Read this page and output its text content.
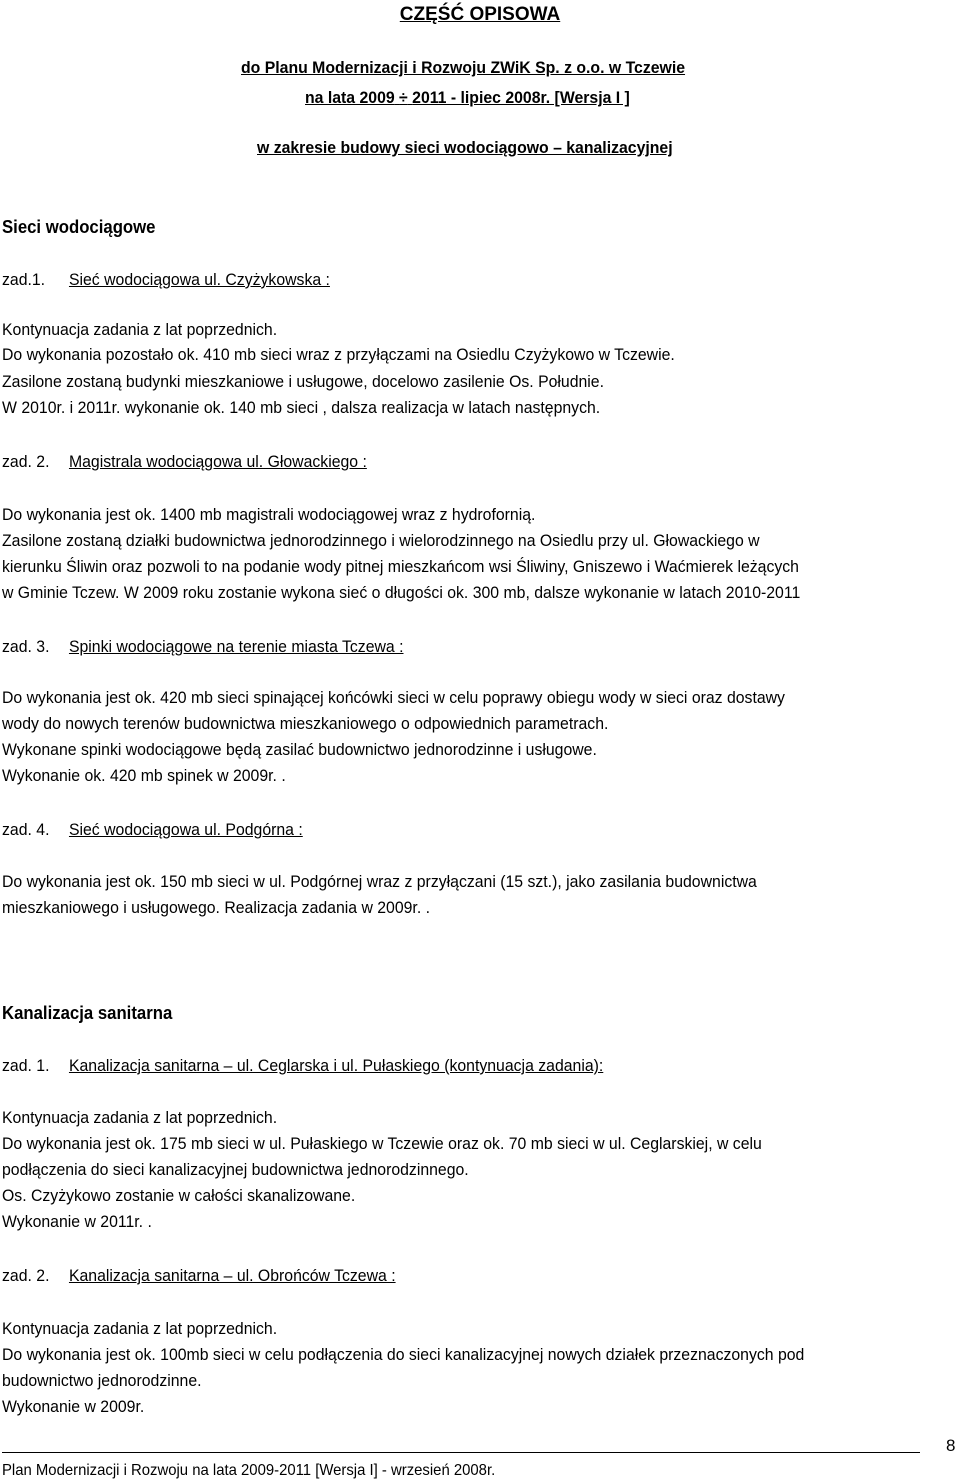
CZĘŚĆ OPISOWA
do Planu Modernizacji i Rozwoju ZWiK Sp. z o.o. w Tczewie
na lata 2009 ÷ 2011 - lipiec 2008r. [Wersja I ]
w zakresie budowy sieci wodociągowo – kanalizacyjnej
Sieci wodociągowe
zad.1. Sieć wodociągowa ul. Czyżykowska :
Kontynuacja zadania z lat poprzednich.
Do wykonania pozostało ok. 410 mb sieci wraz z przyłączami na Osiedlu Czyżykowo w Tczewie.
Zasilone zostaną budynki mieszkaniowe i usługowe, docelowo zasilenie Os. Południe.
W 2010r. i 2011r. wykonanie ok. 140 mb sieci , dalsza realizacja w latach następnych.
zad. 2. Magistrala wodociągowa ul. Głowackiego :
Do wykonania jest ok. 1400 mb magistrali wodociągowej wraz z hydrofornią.
Zasilone zostaną działki budownictwa jednorodzinnego i wielorodzinnego na Osiedlu przy ul. Głowackiego w
kierunku Śliwin oraz pozwoli to na podanie wody pitnej mieszkańcom wsi Śliwiny, Gniszewo i Waćmierek leżących
w Gminie Tczew. W 2009 roku zostanie wykona sieć o długości ok. 300 mb, dalsze wykonanie w latach 2010-2011
zad. 3. Spinki wodociągowe na terenie miasta Tczewa :
Do wykonania jest ok. 420 mb sieci spinającej końcówki sieci w celu poprawy obiegu wody w sieci oraz dostawy
wody do nowych terenów budownictwa mieszkaniowego o odpowiednich parametrach.
Wykonane spinki wodociągowe będą zasilać budownictwo jednorodzinne i usługowe.
Wykonanie ok. 420 mb spinek w 2009r. .
zad. 4. Sieć wodociągowa ul. Podgórna :
Do wykonania jest ok. 150 mb sieci w ul. Podgórnej wraz z przyłączani (15 szt.), jako zasilania budownictwa
mieszkaniowego i usługowego. Realizacja zadania w 2009r. .
Kanalizacja sanitarna
zad. 1. Kanalizacja sanitarna – ul. Ceglarska i ul. Pułaskiego (kontynuacja zadania):
Kontynuacja zadania z lat poprzednich.
Do wykonania jest ok. 175 mb sieci w ul. Pułaskiego w Tczewie oraz ok. 70 mb sieci w ul. Ceglarskiej, w celu
podłączenia do sieci kanalizacyjnej budownictwa jednorodzinnego.
Os. Czyżykowo zostanie w całości skanalizowane.
Wykonanie w 2011r. .
zad. 2. Kanalizacja sanitarna – ul. Obrońców Tczewa :
Kontynuacja zadania z lat poprzednich.
Do wykonania jest ok. 100mb sieci w celu podłączenia do sieci kanalizacyjnej nowych działek przeznaczonych pod
budownictwo jednorodzinne.
Wykonanie w 2009r.
8
Plan Modernizacji i Rozwoju na lata 2009-2011 [Wersja I] - wrzesień 2008r.
